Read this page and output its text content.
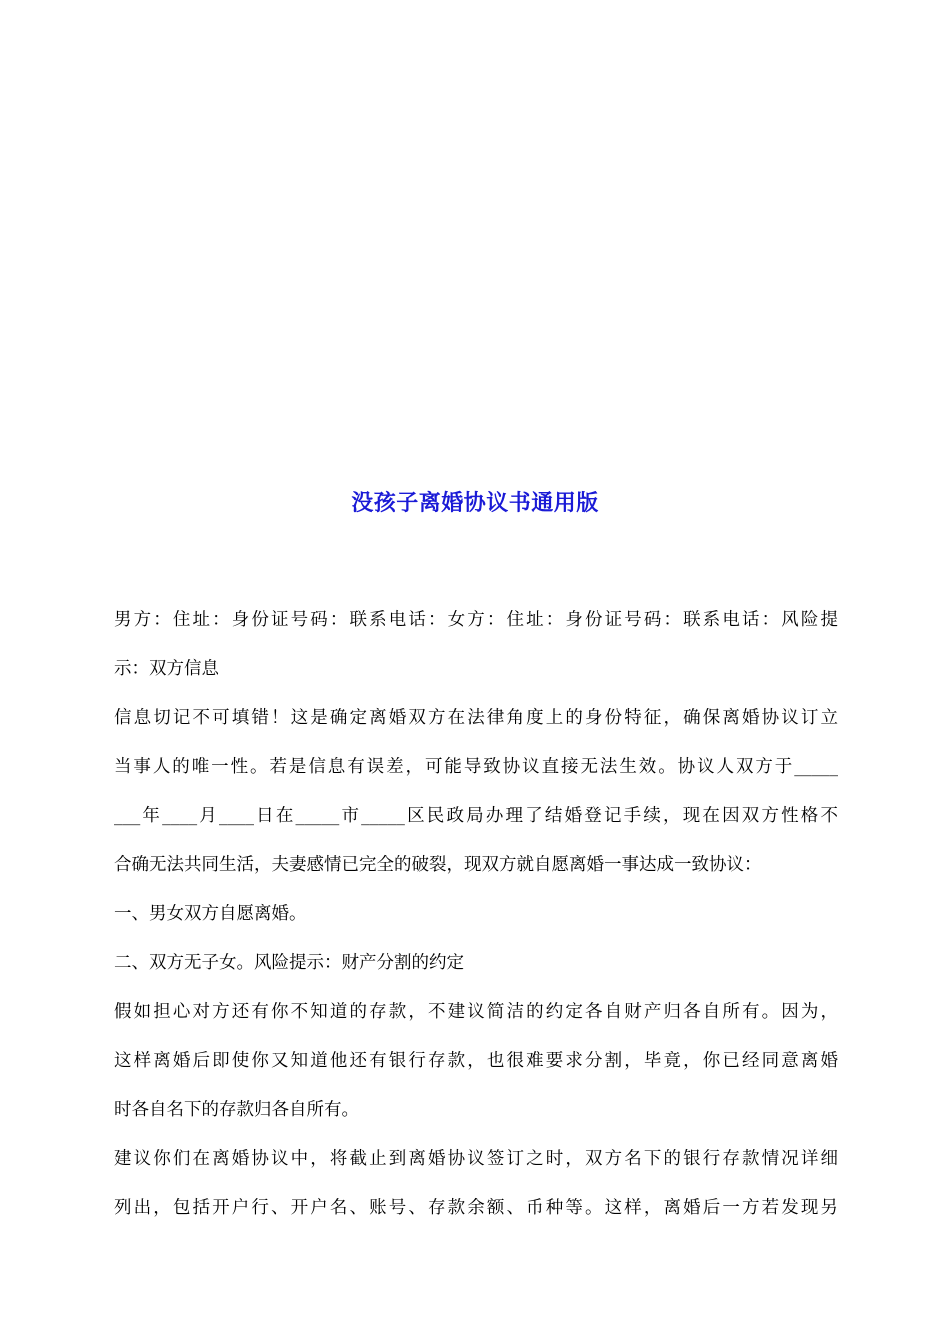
没孩子离婚协议书通用版
男方：住址：身份证号码：联系电话：女方：住址：身份证号码：联系电话：风险提
示：双方信息
信息切记不可填错！这是确定离婚双方在法律角度上的身份特征，确保离婚协议订立
当事人的唯一性。若是信息有误差，可能导致协议直接无法生效。协议人双方于_____
___年____月____日在_____市_____区民政局办理了结婚登记手续，现在因双方性格不
合确无法共同生活，夫妻感情已完全的破裂，现双方就自愿离婚一事达成一致协议：
一、男女双方自愿离婚。
二、双方无子女。风险提示：财产分割的约定
假如担心对方还有你不知道的存款，不建议简洁的约定各自财产归各自所有。因为，
这样离婚后即使你又知道他还有银行存款，也很难要求分割，毕竟，你已经同意离婚
时各自名下的存款归各自所有。
建议你们在离婚协议中，将截止到离婚协议签订之时，双方名下的银行存款情况详细
列出，包括开户行、开户名、账号、存款余额、币种等。这样，离婚后一方若发现另
